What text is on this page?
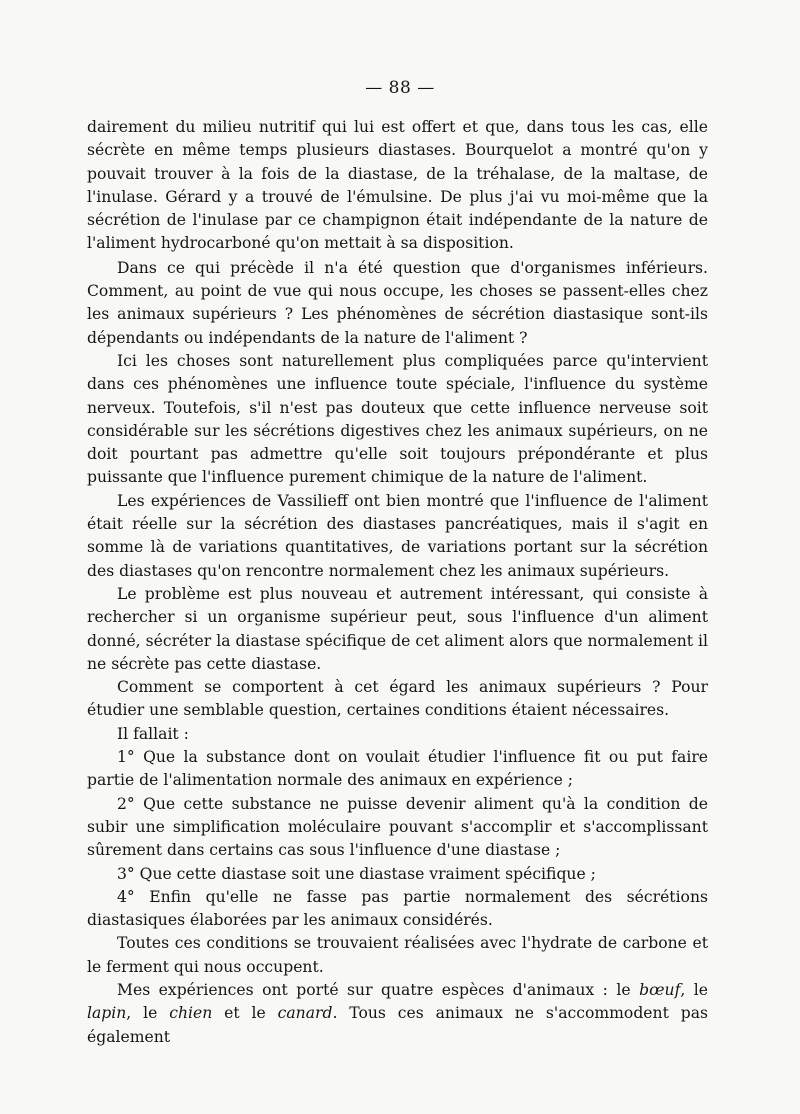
— 88 —

dairement du milieu nutritif qui lui est offert et que, dans tous les cas, elle sécrète en même temps plusieurs diastases. Bourquelot a montré qu'on y pouvait trouver à la fois de la diastase, de la tréhalase, de la maltase, de l'inulase. Gérard y a trouvé de l'émulsine. De plus j'ai vu moi-même que la sécrétion de l'inulase par ce champignon était indépendante de la nature de l'aliment hydrocarboné qu'on mettait à sa disposition.

Dans ce qui précède il n'a été question que d'organismes inférieurs. Comment, au point de vue qui nous occupe, les choses se passent-elles chez les animaux supérieurs ? Les phénomènes de sécrétion diastasique sont-ils dépendants ou indépendants de la nature de l'aliment ?

Ici les choses sont naturellement plus compliquées parce qu'intervient dans ces phénomènes une influence toute spéciale, l'influence du système nerveux. Toutefois, s'il n'est pas douteux que cette influence nerveuse soit considérable sur les sécrétions digestives chez les animaux supérieurs, on ne doit pourtant pas admettre qu'elle soit toujours prépondérante et plus puissante que l'influence purement chimique de la nature de l'aliment.

Les expériences de Vassilieff ont bien montré que l'influence de l'aliment était réelle sur la sécrétion des diastases pancréatiques, mais il s'agit en somme là de variations quantitatives, de variations portant sur la sécrétion des diastases qu'on rencontre normalement chez les animaux supérieurs.

Le problème est plus nouveau et autrement intéressant, qui consiste à rechercher si un organisme supérieur peut, sous l'influence d'un aliment donné, sécréter la diastase spécifique de cet aliment alors que normalement il ne sécrète pas cette diastase.

Comment se comportent à cet égard les animaux supérieurs ? Pour étudier une semblable question, certaines conditions étaient nécessaires.

Il fallait :

1° Que la substance dont on voulait étudier l'influence fit ou put faire partie de l'alimentation normale des animaux en expérience ;

2° Que cette substance ne puisse devenir aliment qu'à la condition de subir une simplification moléculaire pouvant s'accomplir et s'accomplissant sûrement dans certains cas sous l'influence d'une diastase ;

3° Que cette diastase soit une diastase vraiment spécifique ;

4° Enfin qu'elle ne fasse pas partie normalement des sécrétions diastasiques élaborées par les animaux considérés.

Toutes ces conditions se trouvaient réalisées avec l'hydrate de carbone et le ferment qui nous occupent.

Mes expériences ont porté sur quatre espèces d'animaux : le bœuf, le lapin, le chien et le canard. Tous ces animaux ne s'accommodent pas également
